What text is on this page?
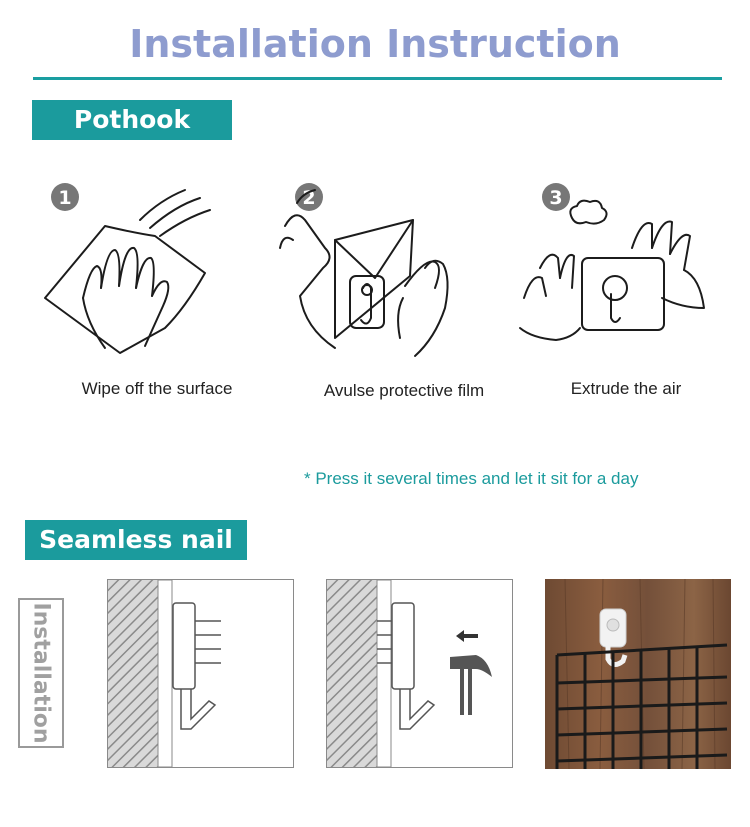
Installation Instruction
Pothook
1
Wipe off the surface
2
Avulse protective film
3
Extrude the air
* Press it several times and let it sit for a day
Seamless nail
Installation
